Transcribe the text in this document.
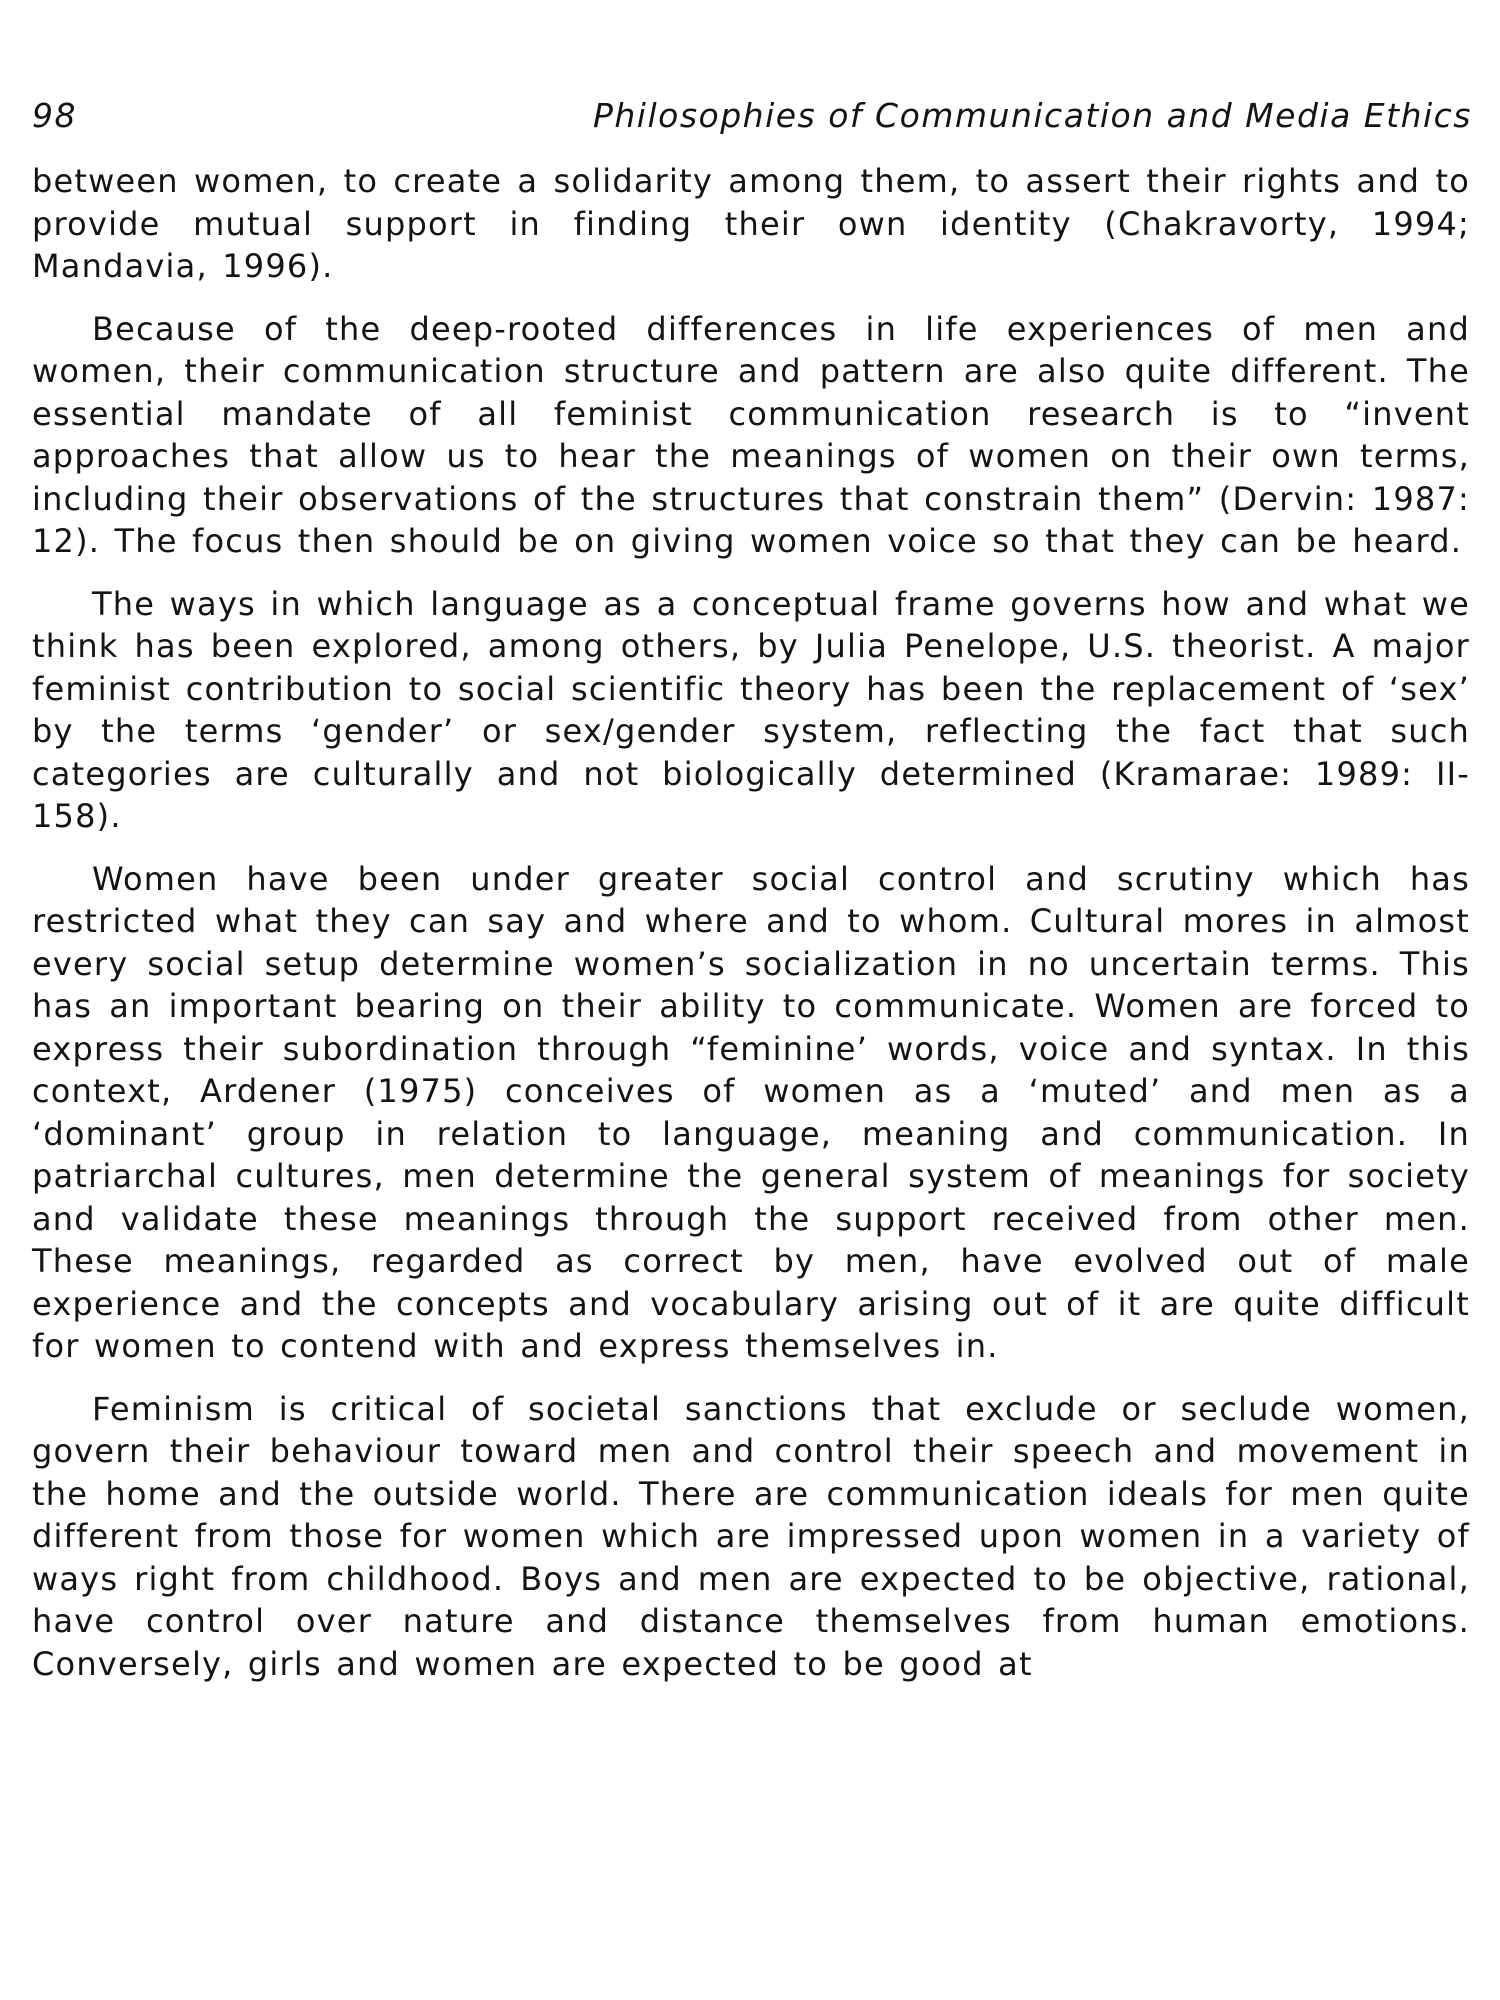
98	Philosophies of Communication and Media Ethics

between women, to create a solidarity among them, to assert their rights and to provide mutual support in finding their own identity (Chakravorty, 1994; Mandavia, 1996).

Because of the deep-rooted differences in life experiences of men and women, their communication structure and pattern are also quite different. The essential mandate of all feminist communication research is to “invent approaches that allow us to hear the meanings of women on their own terms, including their observations of the structures that constrain them” (Dervin: 1987: 12). The focus then should be on giving women voice so that they can be heard.

The ways in which language as a conceptual frame governs how and what we think has been explored, among others, by Julia Penelope, U.S. theorist. A major feminist contribution to social scientific theory has been the replacement of ‘sex’ by the terms ‘gender’ or sex/gender system, reflecting the fact that such categories are culturally and not biologically determined (Kramarae: 1989: II-158).

Women have been under greater social control and scrutiny which has restricted what they can say and where and to whom. Cultural mores in almost every social setup determine women’s socialization in no uncertain terms. This has an important bearing on their ability to communicate. Women are forced to express their subordination through “feminine’ words, voice and syntax. In this context, Ardener (1975) conceives of women as a ‘muted’ and men as a ‘dominant’ group in relation to language, meaning and communication. In patriarchal cultures, men determine the general system of meanings for society and validate these meanings through the support received from other men. These meanings, regarded as correct by men, have evolved out of male experience and the concepts and vocabulary arising out of it are quite difficult for women to contend with and express themselves in.

Feminism is critical of societal sanctions that exclude or seclude women, govern their behaviour toward men and control their speech and movement in the home and the outside world. There are communication ideals for men quite different from those for women which are impressed upon women in a variety of ways right from childhood. Boys and men are expected to be objective, rational, have control over nature and distance themselves from human emotions. Conversely, girls and women are expected to be good at
